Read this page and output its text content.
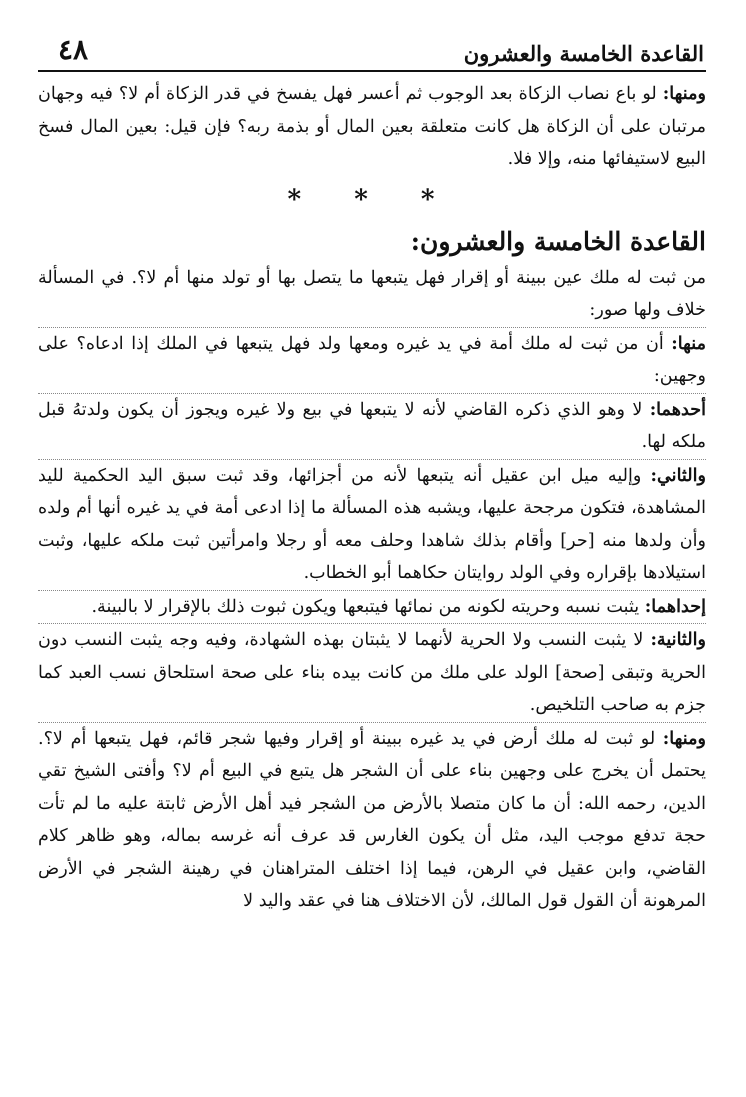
القاعدة الخامسة والعشرون
٤٨

ومنها: لو باع نصاب الزكاة بعد الوجوب ثم أعسر فهل يفسخ في قدر الزكاة أم لا؟ فيه وجهان مرتبان على أن الزكاة هل كانت متعلقة بعين المال أو بذمة ربه؟ فإن قيل: بعين المال فسخ البيع لاستيفائها منه، وإلا فلا.

* * *
القاعدة الخامسة والعشرون:

من ثبت له ملك عين ببينة أو إقرار فهل يتبعها ما يتصل بها أو تولد منها أم لا؟. في المسألة خلاف ولها صور:

منها: أن من ثبت له ملك أمة في يد غيره ومعها ولد فهل يتبعها في الملك إذا ادعاه؟ على وجهين:

أحدهما: لا وهو الذي ذكره القاضي لأنه لا يتبعها في بيع ولا غيره ويجوز أن يكون ولدتهُ قبل ملكه لها.

والثاني: وإليه ميل ابن عقيل أنه يتبعها لأنه من أجزائها، وقد ثبت سبق اليد الحكمية لليد المشاهدة، فتكون مرجحة عليها، ويشبه هذه المسألة ما إذا ادعى أمة في يد غيره أنها أم ولده وأن ولدها منه [حر] وأقام بذلك شاهدا وحلف معه أو رجلا وامرأتين ثبت ملكه عليها، وثبت استيلادها بإقراره وفي الولد روايتان حكاهما أبو الخطاب.

إحداهما: يثبت نسبه وحريته لكونه من نمائها فيتبعها ويكون ثبوت ذلك بالإقرار لا بالبينة.

والثانية: لا يثبت النسب ولا الحرية لأنهما لا يثبتان بهذه الشهادة، وفيه وجه يثبت النسب دون الحرية وتبقى [صحة] الولد على ملك من كانت بيده بناء على صحة استلحاق نسب العبد كما جزم به صاحب التلخيص.

ومنها: لو ثبت له ملك أرض في يد غيره ببينة أو إقرار وفيها شجر قائم، فهل يتبعها أم لا؟. يحتمل أن يخرج على وجهين بناء على أن الشجر هل يتبع في البيع أم لا؟ وأفتى الشيخ تقي الدين، رحمه الله: أن ما كان متصلا بالأرض من الشجر فيد أهل الأرض ثابتة عليه ما لم تأت حجة تدفع موجب اليد، مثل أن يكون الغارس قد عرف أنه غرسه بماله، وهو ظاهر كلام القاضي، وابن عقيل في الرهن، فيما إذا اختلف المتراهنان في رهينة الشجر في الأرض المرهونة أن القول قول المالك، لأن الاختلاف هنا في عقد واليد لا
